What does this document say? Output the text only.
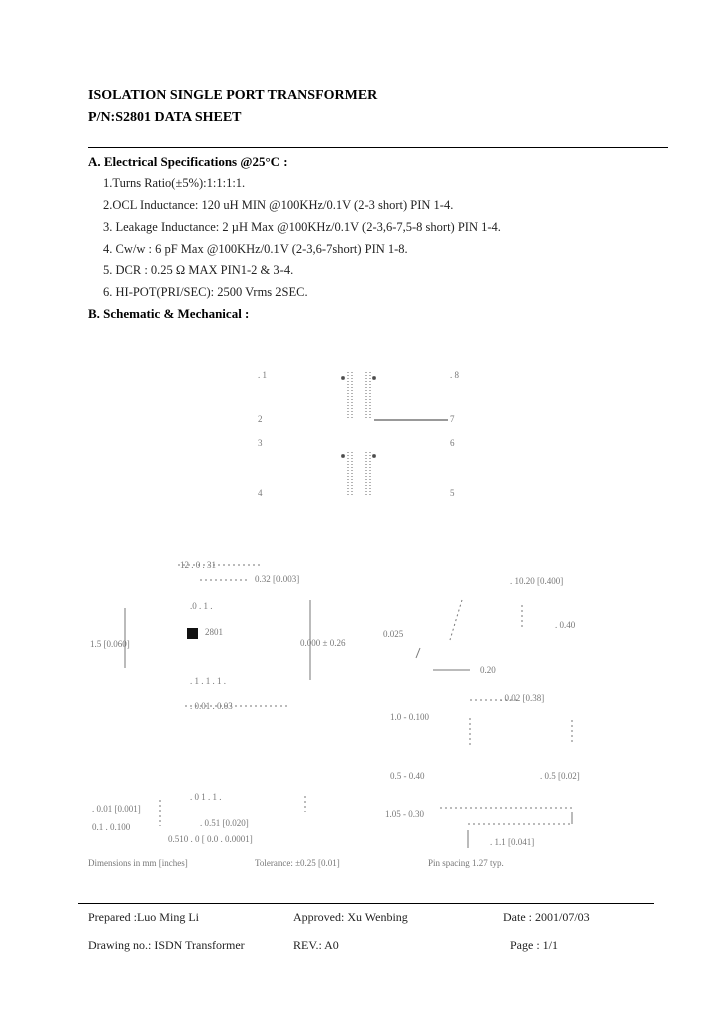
ISOLATION SINGLE PORT TRANSFORMER
P/N:S2801 DATA SHEET
A. Electrical Specifications @25°C :
1.Turns Ratio(±5%):1:1:1:1.
2.OCL Inductance: 120 uH MIN @100KHz/0.1V (2-3 short) PIN 1-4.
3. Leakage Inductance: 2 µH Max @100KHz/0.1V (2-3,6-7,5-8 short) PIN 1-4.
4. Cw/w : 6 pF Max @100KHz/0.1V (2-3,6-7short) PIN 1-8.
5. DCR : 0.25 Ω MAX PIN1-2 & 3-4.
6. HI-POT(PRI/SEC): 2500 Vrms 2SEC.
B. Schematic & Mechanical :
. 1
2
3
4
. 8
7
6
5
12 . 0 . 31
0.32 [0.003]
.0 . 1 .
1.5 [0.060]
2801
0.000 ± 0.26
. 1 . 1 . 1 .
. 0.01 . 0.03
. 10.20 [0.400]
0.025
. 0.40
0.20
. 0.02 [0.38]
1.0 - 0.100
0.5 - 0.40	. 0.5 [0.02]
. 0 1 . 1 .
. 0.01 [0.001]
0.1 . 0.100	. 0.51 [0.020]
0.510 . 0 [ 0.0 . 0.0001]
1.05 - 0.30
. 1.1 [0.041]
Dimensions in mm [inches]	Tolerance: ±0.25 [0.01]	Pin spacing 1.27 typ.
Prepared :Luo Ming Li	Approved: Xu Wenbing	Date : 2001/07/03
Drawing no.: ISDN Transformer	REV.: A0	Page : 1/1
